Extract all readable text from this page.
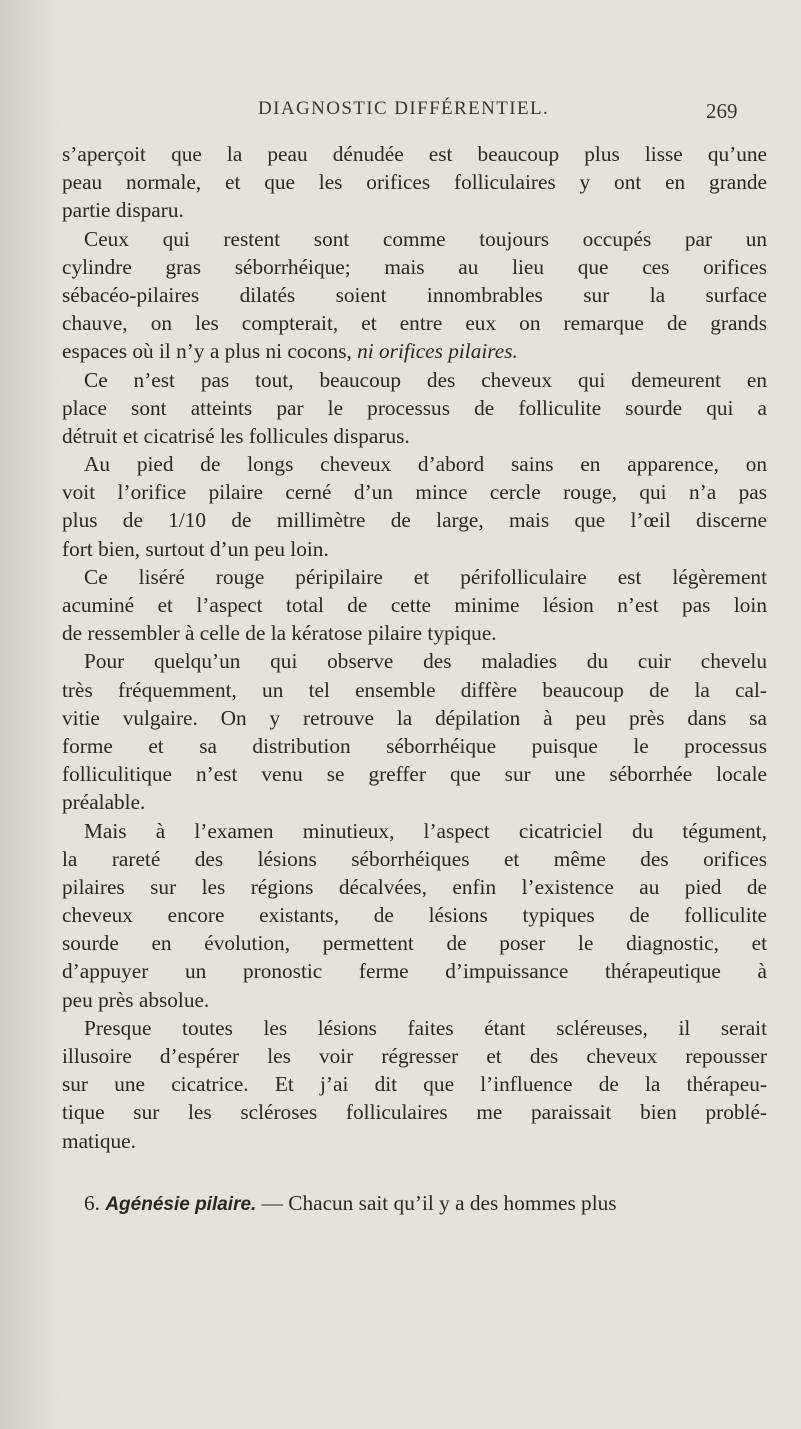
DIAGNOSTIC DIFFÉRENTIEL.	269
s’aperçoit que la peau dénudée est beaucoup plus lisse qu’une
peau normale, et que les orifices folliculaires y ont en grande
partie disparu.
Ceux qui restent sont comme toujours occupés par un
cylindre gras séborrhéique; mais au lieu que ces orifices
sébacéo-pilaires dilatés soient innombrables sur la surface
chauve, on les compterait, et entre eux on remarque de grands
espaces où il n’y a plus ni cocons, ni orifices pilaires.
Ce n’est pas tout, beaucoup des cheveux qui demeurent en
place sont atteints par le processus de folliculite sourde qui a
détruit et cicatrisé les follicules disparus.
Au pied de longs cheveux d’abord sains en apparence, on
voit l’orifice pilaire cerné d’un mince cercle rouge, qui n’a pas
plus de 1/10 de millimètre de large, mais que l’œil discerne
fort bien, surtout d’un peu loin.
Ce liséré rouge péripilaire et périfolliculaire est légèrement
acuminé et l’aspect total de cette minime lésion n’est pas loin
de ressembler à celle de la kératose pilaire typique.
Pour quelqu’un qui observe des maladies du cuir chevelu
très fréquemment, un tel ensemble diffère beaucoup de la cal-
vitie vulgaire. On y retrouve la dépilation à peu près dans sa
forme et sa distribution séborrhéique puisque le processus
folliculitique n’est venu se greffer que sur une séborrhée locale
préalable.
Mais à l’examen minutieux, l’aspect cicatriciel du tégument,
la rareté des lésions séborrhéiques et même des orifices
pilaires sur les régions décalvées, enfin l’existence au pied de
cheveux encore existants, de lésions typiques de folliculite
sourde en évolution, permettent de poser le diagnostic, et
d’appuyer un pronostic ferme d’impuissance thérapeutique à
peu près absolue.
Presque toutes les lésions faites étant scléreuses, il serait
illusoire d’espérer les voir régresser et des cheveux repousser
sur une cicatrice. Et j’ai dit que l’influence de la thérapeu-
tique sur les scléroses folliculaires me paraissait bien problé-
matique.
6. Agénésie pilaire. — Chacun sait qu’il y a des hommes plus
